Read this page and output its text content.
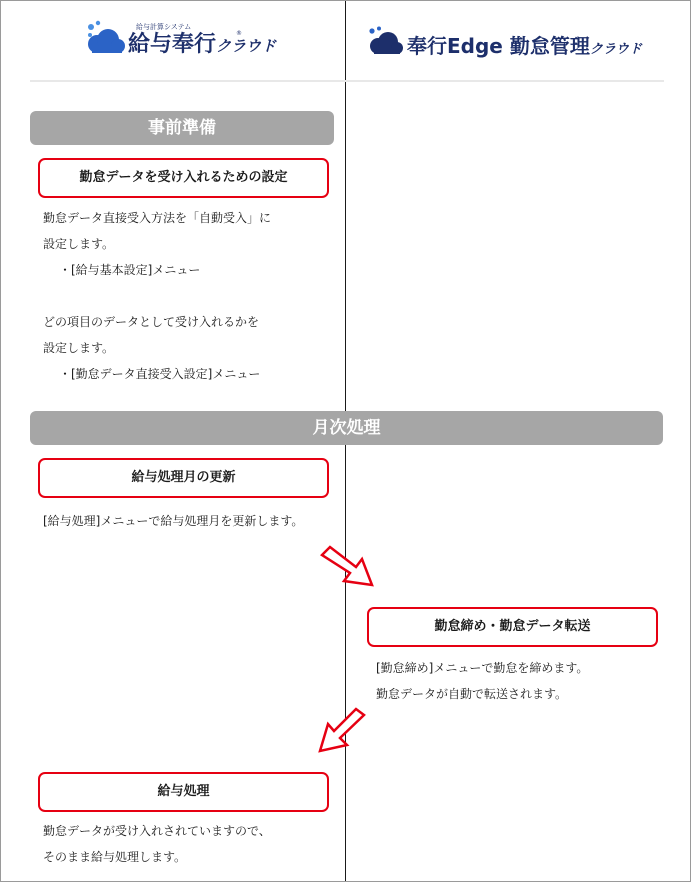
給与計算システム
給与奉行クラウド
®
奉行Edge 勤怠管理クラウド
事前準備
勤怠データを受け入れるための設定
勤怠データ直接受入方法を「自動受入」に
設定します。
・[給与基本設定]メニュー
どの項目のデータとして受け入れるかを
設定します。
・[勤怠データ直接受入設定]メニュー
月次処理
給与処理月の更新
[給与処理]メニューで給与処理月を更新します。
勤怠締め・勤怠データ転送
[勤怠締め]メニューで勤怠を締めます。
勤怠データが自動で転送されます。
給与処理
勤怠データが受け入れされていますので、
そのまま給与処理します。
